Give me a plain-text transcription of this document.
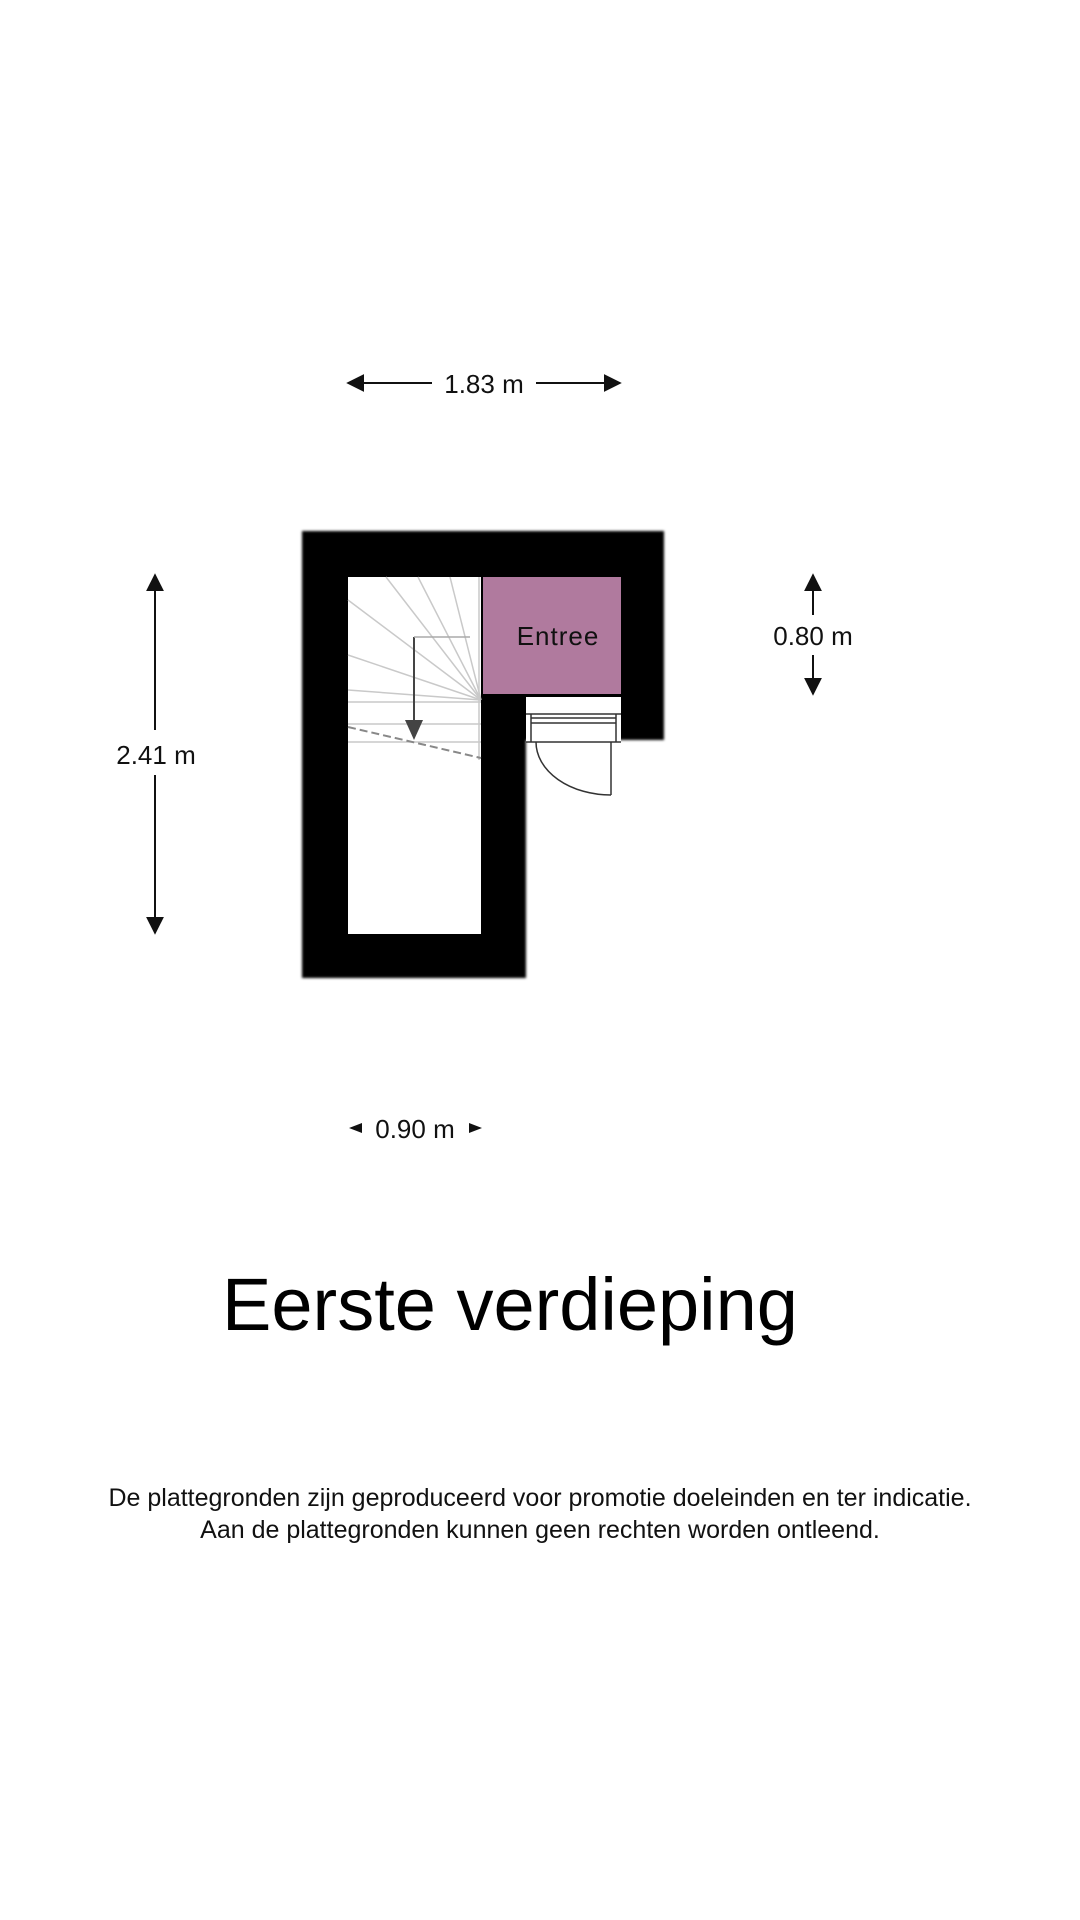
1.83 m
2.41 m
0.80 m
0.90 m
Entree
Eerste verdieping

De plattegronden zijn geproduceerd voor promotie doeleinden en ter indicatie.

Aan de plattegronden kunnen geen rechten worden ontleend.
